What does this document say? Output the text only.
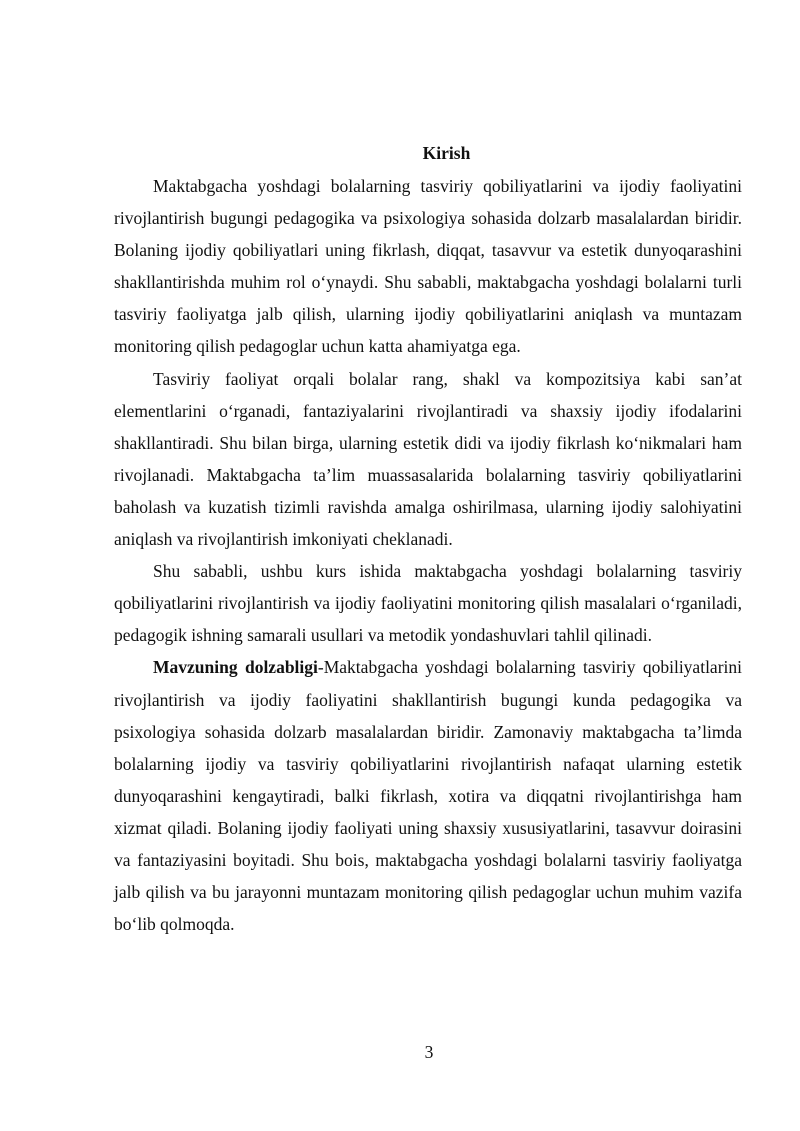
Kirish

Maktabgacha yoshdagi bolalarning tasviriy qobiliyatlarini va ijodiy faoliyatini rivojlantirish bugungi pedagogika va psixologiya sohasida dolzarb masalalardan biridir. Bolaning ijodiy qobiliyatlari uning fikrlash, diqqat, tasavvur va estetik dunyoqarashini shakllantirishda muhim rol o‘ynaydi. Shu sababli, maktabgacha yoshdagi bolalarni turli tasviriy faoliyatga jalb qilish, ularning ijodiy qobiliyatlarini aniqlash va muntazam monitoring qilish pedagoglar uchun katta ahamiyatga ega.

Tasviriy faoliyat orqali bolalar rang, shakl va kompozitsiya kabi san’at elementlarini o‘rganadi, fantaziyalarini rivojlantiradi va shaxsiy ijodiy ifodalarini shakllantiradi. Shu bilan birga, ularning estetik didi va ijodiy fikrlash ko‘nikmalari ham rivojlanadi. Maktabgacha ta’lim muassasalarida bolalarning tasviriy qobiliyatlarini baholash va kuzatish tizimli ravishda amalga oshirilmasa, ularning ijodiy salohiyatini aniqlash va rivojlantirish imkoniyati cheklanadi.

Shu sababli, ushbu kurs ishida maktabgacha yoshdagi bolalarning tasviriy qobiliyatlarini rivojlantirish va ijodiy faoliyatini monitoring qilish masalalari o‘rganiladi, pedagogik ishning samarali usullari va metodik yondashuvlari tahlil qilinadi.

Mavzuning dolzabligi-Maktabgacha yoshdagi bolalarning tasviriy qobiliyatlarini rivojlantirish va ijodiy faoliyatini shakllantirish bugungi kunda pedagogika va psixologiya sohasida dolzarb masalalardan biridir. Zamonaviy maktabgacha ta’limda bolalarning ijodiy va tasviriy qobiliyatlarini rivojlantirish nafaqat ularning estetik dunyoqarashini kengaytiradi, balki fikrlash, xotira va diqqatni rivojlantirishga ham xizmat qiladi. Bolaning ijodiy faoliyati uning shaxsiy xususiyatlarini, tasavvur doirasini va fantaziyasini boyitadi. Shu bois, maktabgacha yoshdagi bolalarni tasviriy faoliyatga jalb qilish va bu jarayonni muntazam monitoring qilish pedagoglar uchun muhim vazifa bo‘lib qolmoqda.

3
